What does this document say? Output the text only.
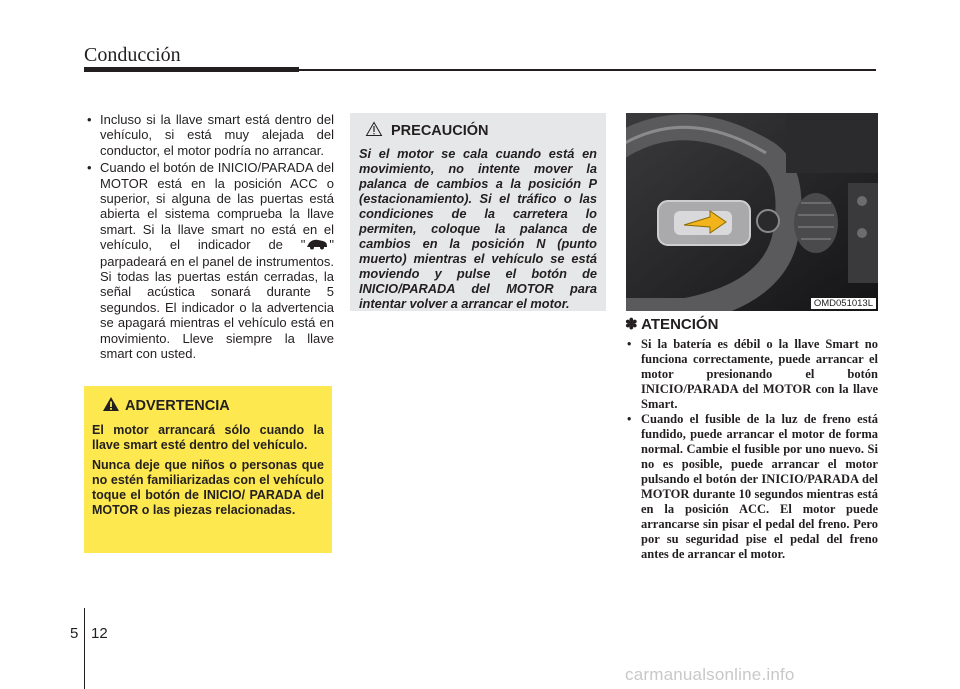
Conducción
• Incluso si la llave smart está dentro del vehículo, si está muy alejada del conductor, el motor podría no arrancar.
• Cuando el botón de INICIO/PARADA del MOTOR está en la posición ACC o superior, si alguna de las puertas está abierta el sistema comprueba la llave smart. Si la llave smart no está en el vehículo, el indicador de " " parpadeará en el panel de instrumentos. Si todas las puertas están cerradas, la señal acústica sonará durante 5 segundos. El indicador o la advertencia se apagará mientras el vehículo está en movimiento. Lleve siempre la llave smart con usted.
ADVERTENCIA

El motor arrancará sólo cuando la llave smart esté dentro del vehículo.

Nunca deje que niños o personas que no estén familiarizadas con el vehículo toque el botón de INICIO/ PARADA del MOTOR o las piezas relacionadas.

PRECAUCIÓN

Si el motor se cala cuando está en movimiento, no intente mover la palanca de cambios a la posición P (estacionamiento). Si el tráfico o las condiciones de la carretera lo permiten, coloque la palanca de cambios en la posición N (punto muerto) mientras el vehículo se está moviendo y pulse el botón de INICIO/PARADA del MOTOR para intentar volver a arrancar el motor.	OMD051013L
✽ ATENCIÓN
• Si la batería es débil o la llave Smart no funciona correctamente, puede arrancar el motor presionando el botón INICIO/PARADA del MOTOR con la llave Smart.
• Cuando el fusible de la luz de freno está fundido, puede arrancar el motor de forma normal. Cambie el fusible por uno nuevo. Si no es posible, puede arrancar el motor pulsando el botón der INICIO/PARADA del MOTOR durante 10 segundos mientras está en la posición ACC. El motor puede arrancarse sin pisar el pedal del freno. Pero por su seguridad pise el pedal del freno antes de arrancar el motor.
5 12
carmanualsonline.info
